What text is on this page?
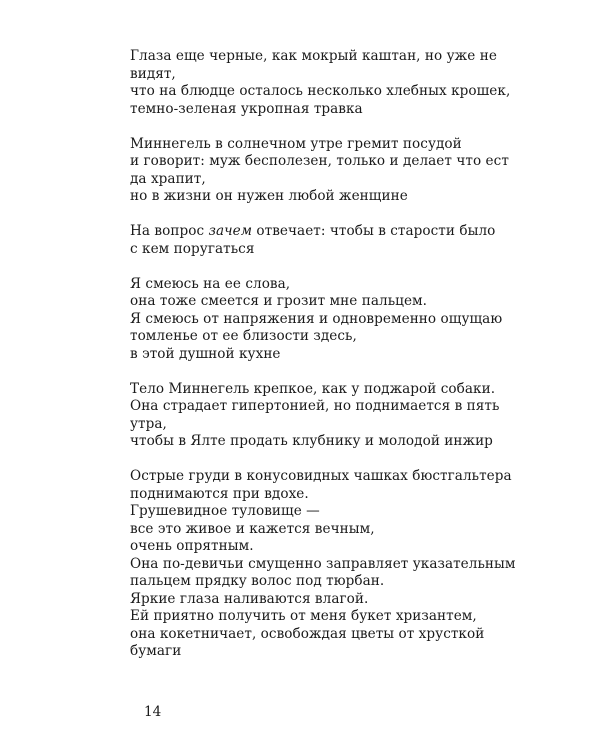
Глаза еще черные, как мокрый каштан, но уже не
видят,
что на блюдце осталось несколько хлебных крошек,
темно-зеленая укропная травка
Миннегель в солнечном утре гремит посудой
и говорит: муж бесполезен, только и делает что ест
да храпит,
но в жизни он нужен любой женщине
На вопрос зачем отвечает: чтобы в старости было
с кем поругаться
Я смеюсь на ее слова,
она тоже смеется и грозит мне пальцем.
Я смеюсь от напряжения и одновременно ощущаю
томленье от ее близости здесь,
в этой душной кухне
Тело Миннегель крепкое, как у поджарой собаки.
Она страдает гипертонией, но поднимается в пять
утра,
чтобы в Ялте продать клубнику и молодой инжир
Острые груди в конусовидных чашках бюстгальтера
поднимаются при вдохе.
Грушевидное туловище —
все это живое и кажется вечным,
очень опрятным.
Она по-девичьи смущенно заправляет указательным
пальцем прядку волос под тюрбан.
Яркие глаза наливаются влагой.
Ей приятно получить от меня букет хризантем,
она кокетничает, освобождая цветы от хрусткой
бумаги
14
